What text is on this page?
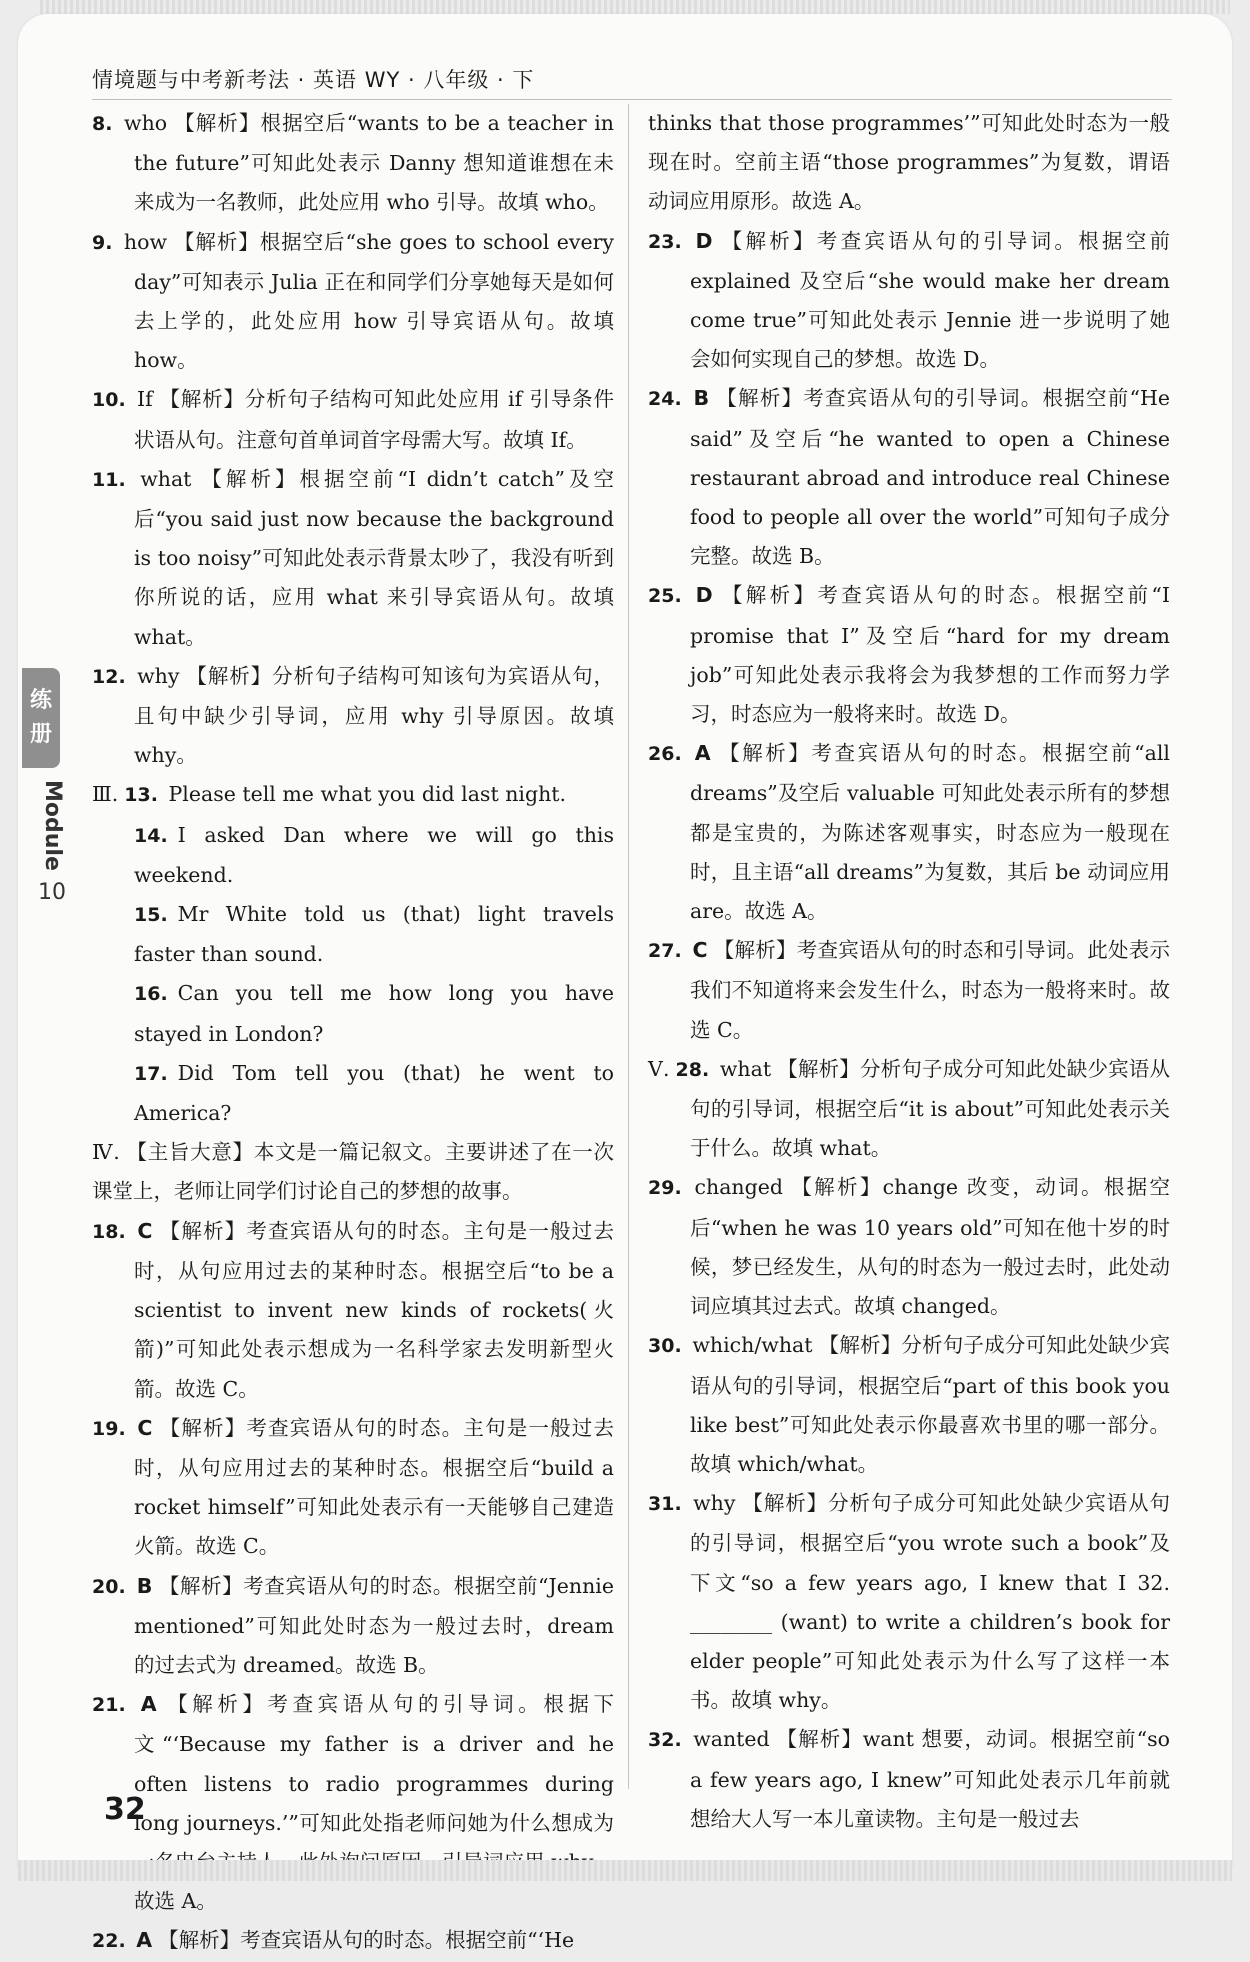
情境题与中考新考法 · 英语 WY · 八年级 · 下
练
册
Module
10

8. who 【解析】根据空后“wants to be a teacher in the future”可知此处表示 Danny 想知道谁想在未来成为一名教师，此处应用 who 引导。故填 who。

9. how 【解析】根据空后“she goes to school every day”可知表示 Julia 正在和同学们分享她每天是如何去上学的，此处应用 how 引导宾语从句。故填 how。

10. If 【解析】分析句子结构可知此处应用 if 引导条件状语从句。注意句首单词首字母需大写。故填 If。

11. what 【解析】根据空前“I didn’t catch”及空后“you said just now because the background is too noisy”可知此处表示背景太吵了，我没有听到你所说的话，应用 what 来引导宾语从句。故填 what。

12. why 【解析】分析句子结构可知该句为宾语从句，且句中缺少引导词，应用 why 引导原因。故填 why。

Ⅲ. 13. Please tell me what you did last night.

14. I asked Dan where we will go this weekend.

15. Mr White told us (that) light travels faster than sound.

16. Can you tell me how long you have stayed in London?

17. Did Tom tell you (that) he went to America?

Ⅳ. 【主旨大意】本文是一篇记叙文。主要讲述了在一次课堂上，老师让同学们讨论自己的梦想的故事。

18. C 【解析】考查宾语从句的时态。主句是一般过去时，从句应用过去的某种时态。根据空后“to be a scientist to invent new kinds of rockets(火箭)”可知此处表示想成为一名科学家去发明新型火箭。故选 C。

19. C 【解析】考查宾语从句的时态。主句是一般过去时，从句应用过去的某种时态。根据空后“build a rocket himself”可知此处表示有一天能够自己建造火箭。故选 C。

20. B 【解析】考查宾语从句的时态。根据空前“Jennie mentioned”可知此处时态为一般过去时，dream 的过去式为 dreamed。故选 B。

21. A 【解析】考查宾语从句的引导词。根据下文“‘Because my father is a driver and he often listens to radio programmes during long journeys.’”可知此处指老师问她为什么想成为 故选 A。

22. A 【解析】考查宾语从句的时态。根据空前“‘He

thinks that those programmes’”可知此处时态为一般现在时。空前主语“those programmes”为复数，谓语动词应用原形。故选 A。

23. D 【解析】考查宾语从句的引导词。根据空前 explained 及空后“she would make her dream come true”可知此处表示 Jennie 进一步说明了她会如何实现自己的梦想。故选 D。

24. B 【解析】考查宾语从句的引导词。根据空前“He said”及空后“he wanted to open a Chinese restaurant abroad and introduce real Chinese food to people all over the world”可知句子成分完整。故选 B。

25. D 【解析】考查宾语从句的时态。根据空前“I promise that I”及空后“hard for my dream job”可知此处表示我将会为我梦想的工作而努力学习，时态应为一般将来时。故选 D。

26. A 【解析】考查宾语从句的时态。根据空前“all dreams”及空后 valuable 可知此处表示所有的梦想都是宝贵的，为陈述客观事实，时态应为一般现在时，且主语“all dreams”为复数，其后 be 动词应用 are。故选 A。

27. C 【解析】考查宾语从句的时态和引导词。此处表示我们不知道将来会发生什么，时态为一般将来时。故选 C。

Ⅴ. 28. what 【解析】分析句子成分可知此处缺少宾语从句的引导词，根据空后“it is about”可知此处表示关于什么。故填 what。

29. changed 【解析】change 改变，动词。根据空后“when he was 10 years old”可知在他十岁的时候，梦已经发生，从句的时态为一般过去时，此处动词应填其过去式。故填 changed。

30. which/what 【解析】分析句子成分可知此处缺少宾语从句的引导词，根据空后“part of this book you like best”可知此处表示你最喜欢书里的哪一部分。故填 which/what。

31. why 【解析】分析句子成分可知此处缺少宾语从句的引导词，根据空后“you wrote such a book”及下文“so a few years ago, I knew that I 32. ________ (want) to write a children’s book for elder people”可知此处表示为什么写了这样一本书。故填 why。

32. wanted 【解析】want 想要，动词。根据空前“so a few years ago, I knew”可知此处表示几年前就想给大人写一本儿童读物。主句是一般过去

32
